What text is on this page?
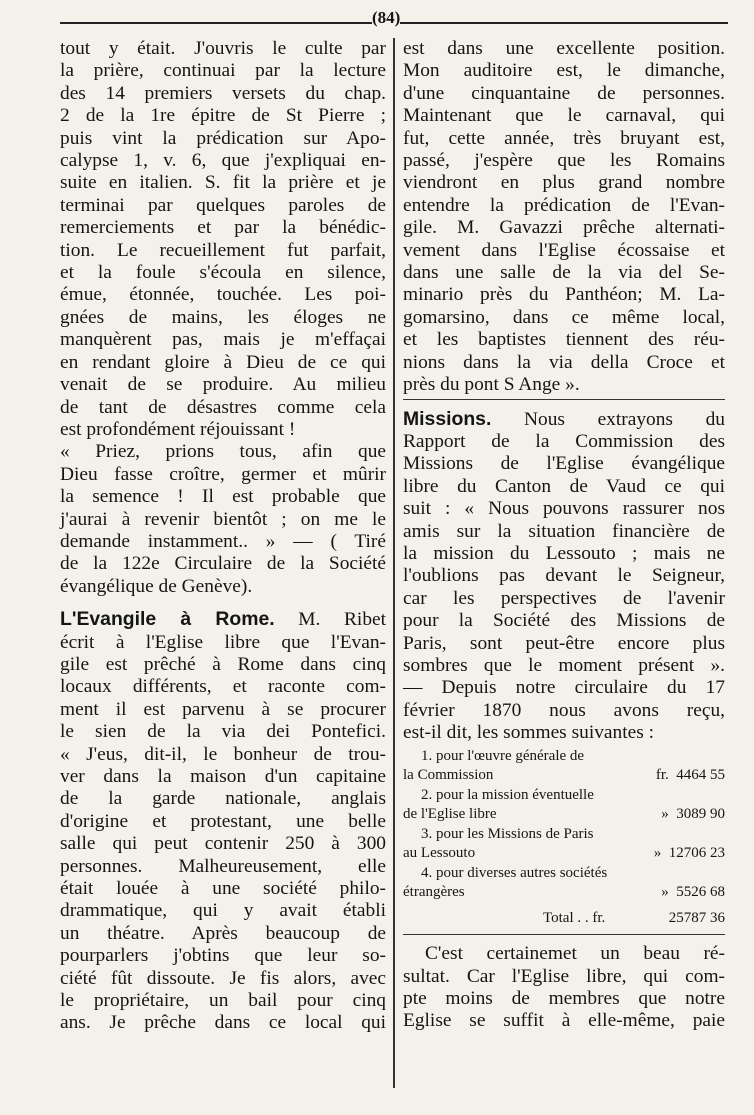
(84)
tout y était. J'ouvris le culte par
la prière, continuai par la lecture
des 14 premiers versets du chap.
2 de la 1re épitre de St Pierre ;
puis vint la prédication sur Apo-
calypse 1, v. 6, que j'expliquai en-
suite en italien. S. fit la prière et je
terminai par quelques paroles de
remerciements et par la bénédic-
tion. Le recueillement fut parfait,
et la foule s'écoula en silence,
émue, étonnée, touchée. Les poi-
gnées de mains, les éloges ne
manquèrent pas, mais je m'effaçai
en rendant gloire à Dieu de ce qui
venait de se produire. Au milieu
de tant de désastres comme cela
est profondément réjouissant !
« Priez, prions tous, afin que
Dieu fasse croître, germer et mûrir
la semence ! Il est probable que
j'aurai à revenir bientôt ; on me le
demande instamment.. » — ( Tiré
de la 122e Circulaire de la Société
évangélique de Genève).
L'Evangile à Rome. M. Ribet
écrit à l'Eglise libre que l'Evan-
gile est prêché à Rome dans cinq
locaux différents, et raconte com-
ment il est parvenu à se procurer
le sien de la via dei Pontefici.
« J'eus, dit-il, le bonheur de trou-
ver dans la maison d'un capitaine
de la garde nationale, anglais
d'origine et protestant, une belle
salle qui peut contenir 250 à 300
personnes. Malheureusement, elle
était louée à une société philo-
drammatique, qui y avait établi
un théatre. Après beaucoup de
pourparlers j'obtins que leur so-
ciété fût dissoute. Je fis alors, avec
le propriétaire, un bail pour cinq
ans. Je prêche dans ce local qui
est dans une excellente position.
Mon auditoire est, le dimanche,
d'une cinquantaine de personnes.
Maintenant que le carnaval, qui
fut, cette année, très bruyant est,
passé, j'espère que les Romains
viendront en plus grand nombre
entendre la prédication de l'Evan-
gile. M. Gavazzi prêche alternati-
vement dans l'Eglise écossaise et
dans une salle de la via del Se-
minario près du Panthéon; M. La-
gomarsino, dans ce même local,
et les baptistes tiennent des réu-
nions dans la via della Croce et
près du pont S Ange ».
Missions. Nous extrayons du
Rapport de la Commission des
Missions de l'Eglise évangélique
libre du Canton de Vaud ce qui
suit : « Nous pouvons rassurer nos
amis sur la situation financière de
la mission du Lessouto ; mais ne
l'oublions pas devant le Seigneur,
car les perspectives de l'avenir
pour la Société des Missions de
Paris, sont peut-être encore plus
sombres que le moment présent ».
— Depuis notre circulaire du 17
février 1870 nous avons reçu,
est-il dit, les sommes suivantes :
1. pour l'œuvre générale de
la Commission	fr. 4464 55
2. pour la mission éventuelle
de l'Eglise libre	» 3089 90
3. pour les Missions de Paris
au Lessouto	» 12706 23
4. pour diverses autres sociétés
étrangères	» 5526 68
Total . . fr.	25787 36
C'est certainemet un beau ré-
sultat. Car l'Eglise libre, qui com-
pte moins de membres que notre
Eglise se suffit à elle-même, paie
